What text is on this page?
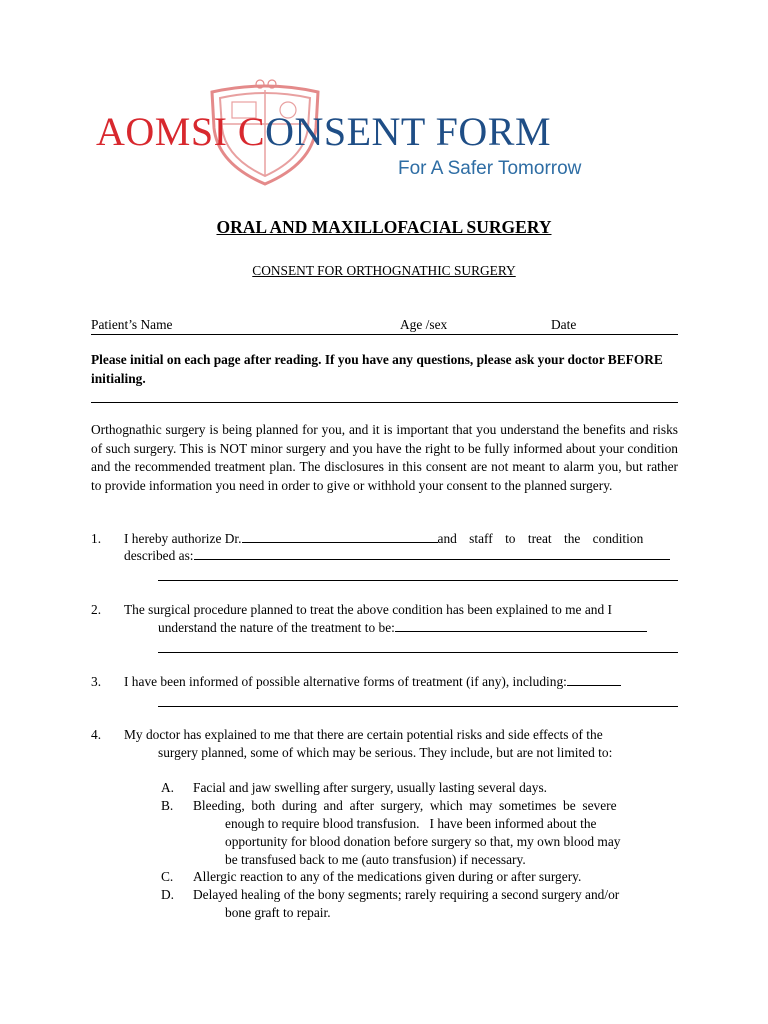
AOMSI CONSENT FORM
For A Safer Tomorrow
ORAL AND MAXILLOFACIAL SURGERY
CONSENT FOR ORTHOGNATHIC SURGERY
Patient’s Name	Age /sex	Date
Please initial on each page after reading. If you have any questions, please ask your doctor BEFORE initialing.
Orthognathic surgery is being planned for you, and it is important that you understand the benefits and risks of such surgery. This is NOT minor surgery and you have the right to be fully informed about your condition and the recommended treatment plan. The disclosures in this consent are not meant to alarm you, but rather to provide information you need in order to give or withhold your consent to the planned surgery.
1. I hereby authorize Dr.	and staff to treat the condition
described as:
2. The surgical procedure planned to treat the above condition has been explained to me and I
understand the nature of the treatment to be:
3. I have been informed of possible alternative forms of treatment (if any), including:
4. My doctor has explained to me that there are certain potential risks and side effects of the
surgery planned, some of which may be serious. They include, but are not limited to:
A. Facial and jaw swelling after surgery, usually lasting several days.
B. Bleeding,  both  during  and  after  surgery,  which  may  sometimes  be  severe
enough to require blood transfusion.   I have been informed about the
opportunity for blood donation before surgery so that, my own blood may
be transfused back to me (auto transfusion) if necessary.
C. Allergic reaction to any of the medications given during or after surgery.
D. Delayed healing of the bony segments; rarely requiring a second surgery and/or
bone graft to repair.
